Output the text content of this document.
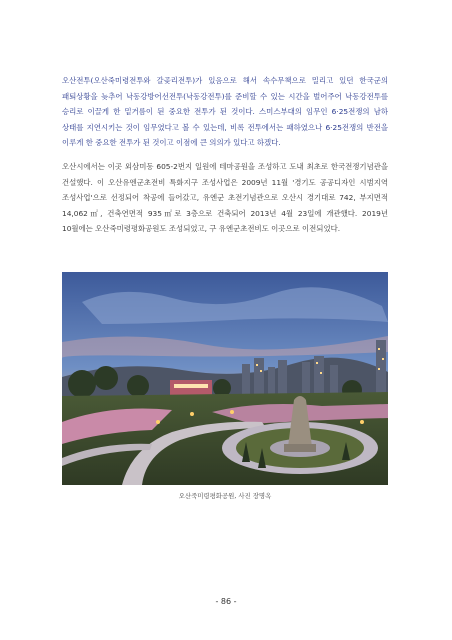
오산전투(오산죽미령전투와 갈곶리전투)가 있음으로 해서 속수무책으로 밀리고 있던 한국군의 패퇴상황을 늦추어 낙동강방어선전투(낙동강전투)를 준비할 수 있는 시간을 벌어주어 낙동강전투를 승리로 이끌게 한 밑거름이 된 중요한 전투가 된 것이다. 스미스부대의 임무인 6·25전쟁의 남하 상태를 지연시키는 것이 임무였다고 볼 수 있는데, 비록 전투에서는 패하였으나 6·25전쟁의 반전을 이루게 한 중요한 전투가 된 것이고 이점에 큰 의의가 있다고 하겠다.

오산시에서는 이곳 외삼미동 605-2번지 일원에 테마공원을 조성하고 도내 최초로 한국전쟁기념관을 건설했다. 이 오산유엔군초전비 특화지구 조성사업은 2009년 11월 '경기도 공공디자인 시범지역 조성사업'으로 선정되어 착공에 들어갔고, 유엔군 초전기념관으로 오산시 경기대로 742, 부지면적 14,062㎡, 건축연면적 935㎡로 3층으로 건축되어 2013년 4월 23일에 개관했다. 2019년 10월에는 오산죽미령평화공원도 조성되었고, 구 유엔군초전비도 이곳으로 이전되었다.

오산죽미령평화공원, 사진 장명옥

- 86 -
